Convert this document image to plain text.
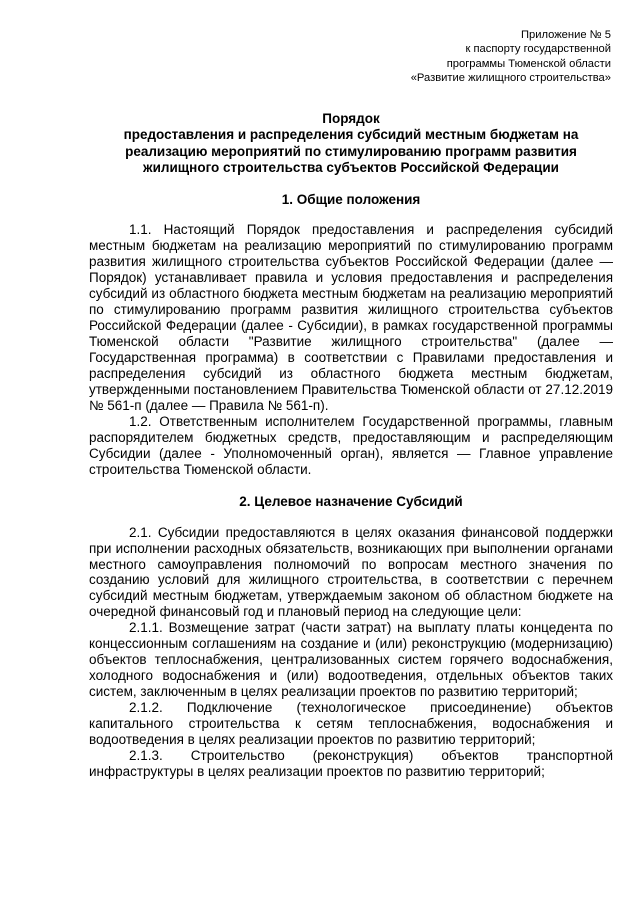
Приложение № 5
к паспорту государственной
программы Тюменской области
«Развитие жилищного строительства»
Порядок
предоставления и распределения субсидий местным бюджетам на
реализацию мероприятий по стимулированию программ развития
жилищного строительства субъектов Российской Федерации
1. Общие положения

1.1. Настоящий Порядок предоставления и распределения субсидий местным бюджетам на реализацию мероприятий по стимулированию программ развития жилищного строительства субъектов Российской Федерации (далее — Порядок) устанавливает правила и условия предоставления и распределения субсидий из областного бюджета местным бюджетам на реализацию мероприятий по стимулированию программ развития жилищного строительства субъектов Российской Федерации (далее - Субсидии), в рамках государственной программы Тюменской области "Развитие жилищного строительства" (далее — Государственная программа) в соответствии с Правилами предоставления и распределения субсидий из областного бюджета местным бюджетам, утвержденными постановлением Правительства Тюменской области от 27.12.2019 № 561-п (далее — Правила № 561-п).

1.2. Ответственным исполнителем Государственной программы, главным распорядителем бюджетных средств, предоставляющим и распределяющим Субсидии (далее - Уполномоченный орган), является — Главное управление строительства Тюменской области.

2. Целевое назначение Субсидий

2.1. Субсидии предоставляются в целях оказания финансовой поддержки при исполнении расходных обязательств, возникающих при выполнении органами местного самоуправления полномочий по вопросам местного значения по созданию условий для жилищного строительства, в соответствии с перечнем субсидий местным бюджетам, утверждаемым законом об областном бюджете на очередной финансовый год и плановый период на следующие цели:

2.1.1. Возмещение затрат (части затрат) на выплату платы концедента по концессионным соглашениям на создание и (или) реконструкцию (модернизацию) объектов теплоснабжения, централизованных систем горячего водоснабжения, холодного водоснабжения и (или) водоотведения, отдельных объектов таких систем, заключенным в целях реализации проектов по развитию территорий;

2.1.2. Подключение (технологическое присоединение) объектов капитального строительства к сетям теплоснабжения, водоснабжения и водоотведения в целях реализации проектов по развитию территорий;

2.1.3. Строительство (реконструкция) объектов транспортной инфраструктуры в целях реализации проектов по развитию территорий;
